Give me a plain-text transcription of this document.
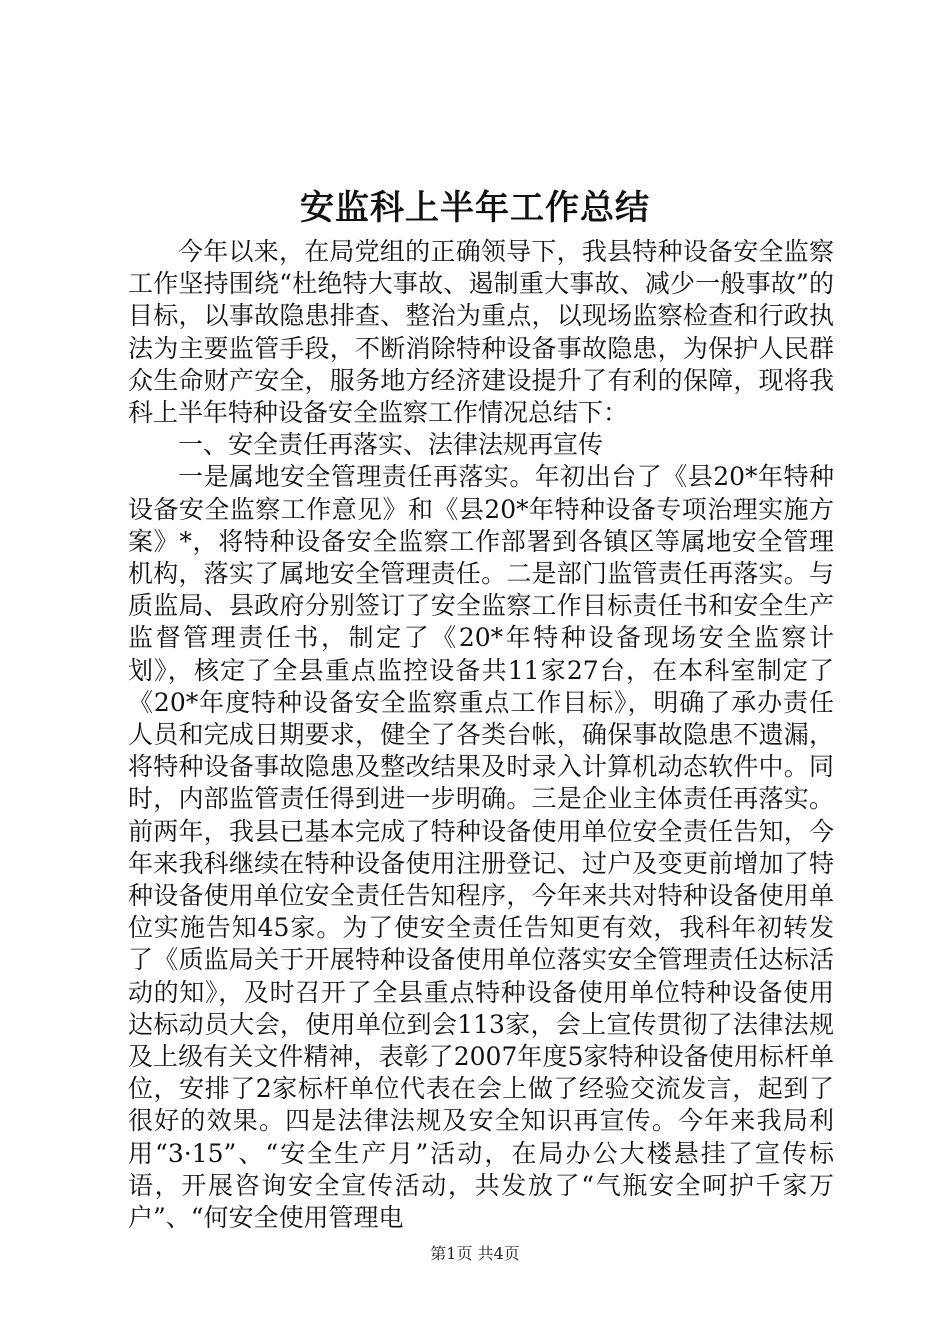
安监科上半年工作总结

今年以来，在局党组的正确领导下，我县特种设备安全监察工作坚持围绕“杜绝特大事故、遏制重大事故、减少一般事故”的目标，以事故隐患排查、整治为重点，以现场监察检查和行政执法为主要监管手段，不断消除特种设备事故隐患，为保护人民群众生命财产安全，服务地方经济建设提升了有利的保障，现将我科上半年特种设备安全监察工作情况总结下：

一、安全责任再落实、法律法规再宣传

一是属地安全管理责任再落实。年初出台了《县20*年特种设备安全监察工作意见》和《县20*年特种设备专项治理实施方案》*，将特种设备安全监察工作部署到各镇区等属地安全管理机构，落实了属地安全管理责任。二是部门监管责任再落实。与质监局、县政府分别签订了安全监察工作目标责任书和安全生产监督管理责任书，制定了《20*年特种设备现场安全监察计划》，核定了全县重点监控设备共11家27台，在本科室制定了《20*年度特种设备安全监察重点工作目标》，明确了承办责任人员和完成日期要求，健全了各类台帐，确保事故隐患不遗漏，将特种设备事故隐患及整改结果及时录入计算机动态软件中。同时，内部监管责任得到进一步明确。三是企业主体责任再落实。前两年，我县已基本完成了特种设备使用单位安全责任告知，今年来我科继续在特种设备使用注册登记、过户及变更前增加了特种设备使用单位安全责任告知程序，今年来共对特种设备使用单位实施告知45家。为了使安全责任告知更有效，我科年初转发了《质监局关于开展特种设备使用单位落实安全管理责任达标活动的知》，及时召开了全县重点特种设备使用单位特种设备使用达标动员大会，使用单位到会113家，会上宣传贯彻了法律法规及上级有关文件精神，表彰了2007年度5家特种设备使用标杆单位，安排了2家标杆单位代表在会上做了经验交流发言，起到了很好的效果。四是法律法规及安全知识再宣传。今年来我局利用“3·15”、“安全生产月”活动，在局办公大楼悬挂了宣传标语，开展咨询安全宣传活动，共发放了“气瓶安全呵护千家万户”、“何安全使用管理电

第1页 共4页
